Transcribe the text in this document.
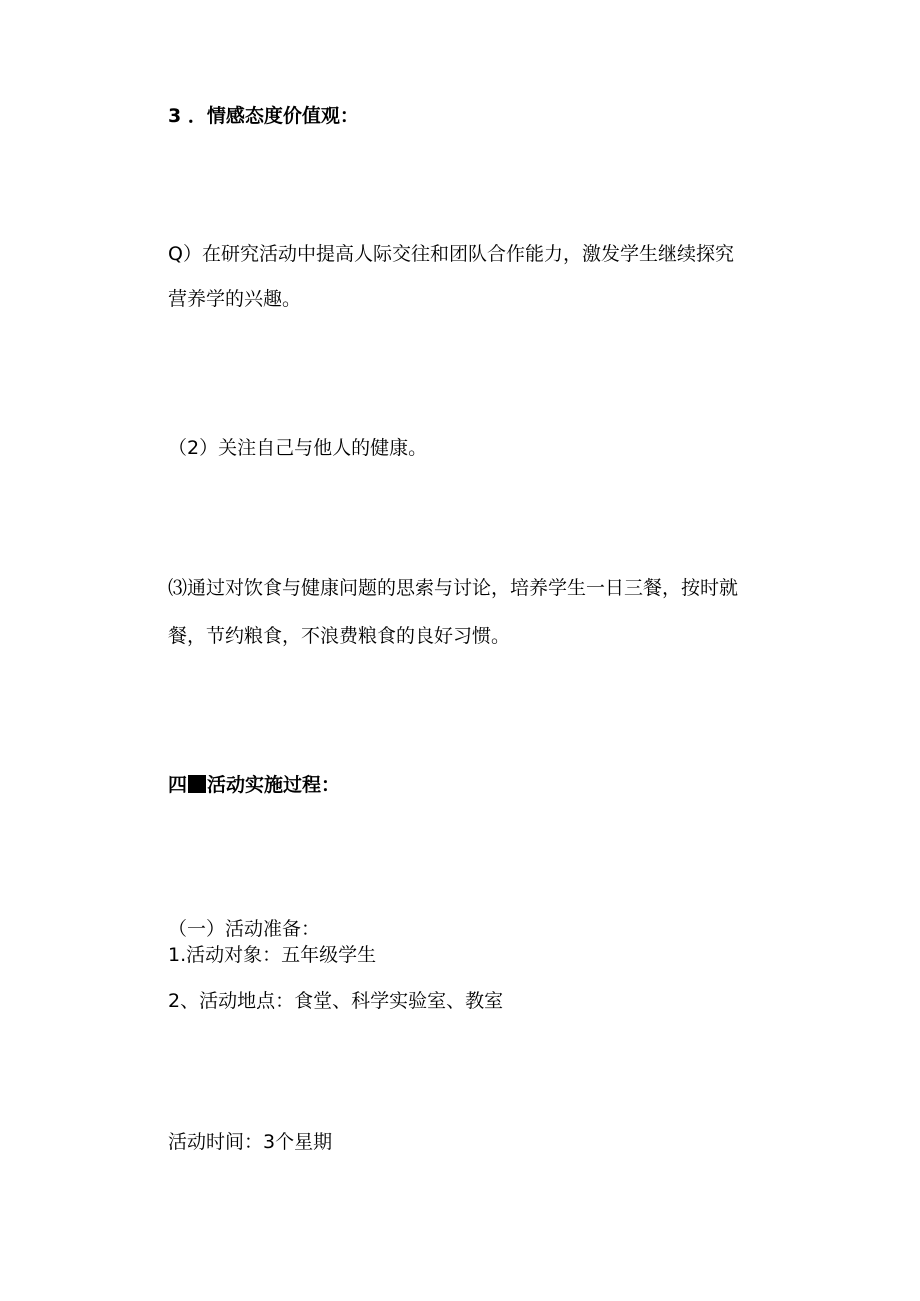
3 ．情感态度价值观：
Q）在研究活动中提高人际交往和团队合作能力，激发学生继续探究
营养学的兴趣。
（2）关注自己与他人的健康。
⑶通过对饮食与健康问题的思索与讨论，培养学生一日三餐，按时就
餐，节约粮食，不浪费粮食的良好习惯。
四 活动实施过程：
（一）活动准备：
1.活动对象：五年级学生
2、活动地点：食堂、科学实验室、教室
活动时间：3个星期
